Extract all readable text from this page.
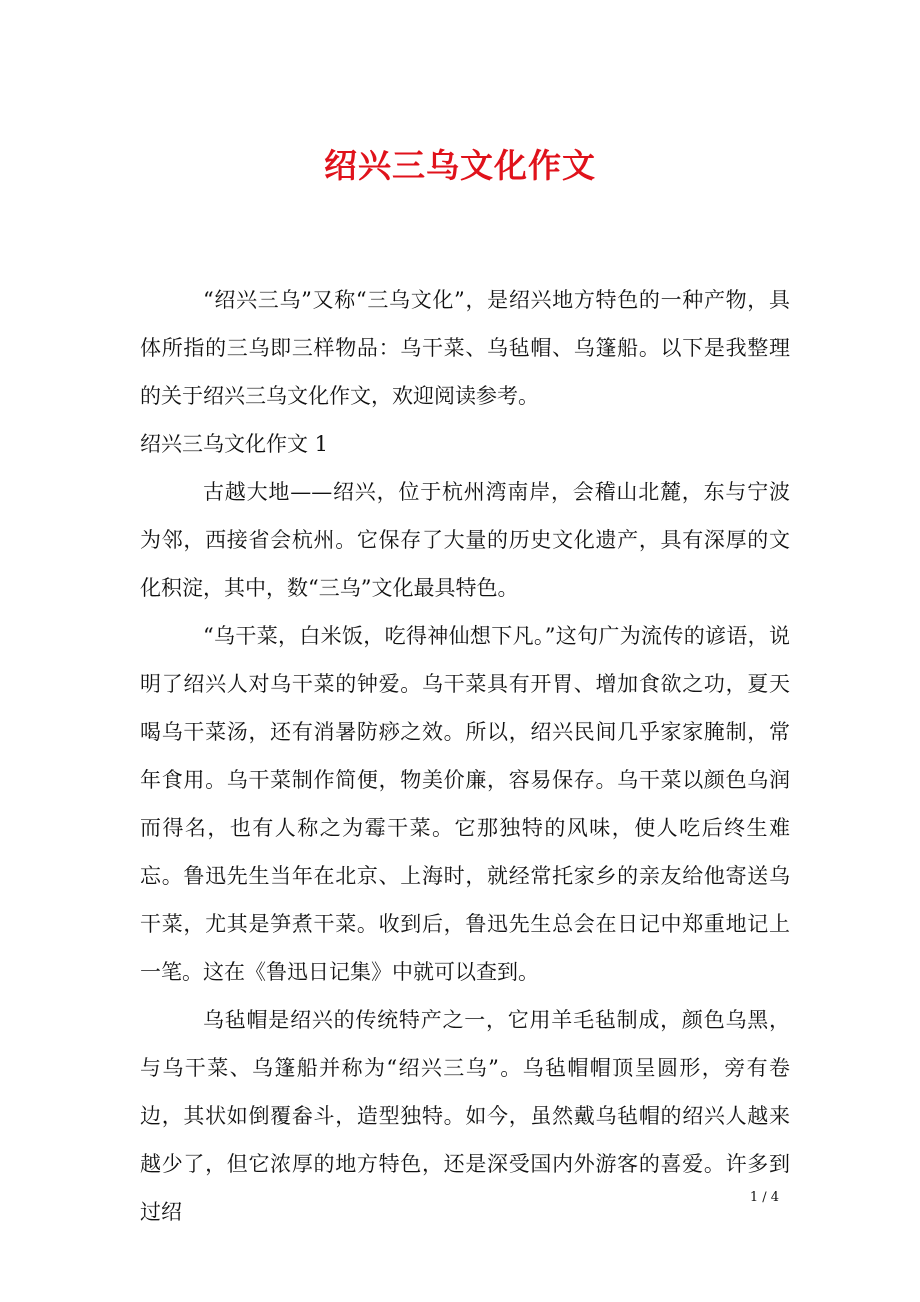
绍兴三乌文化作文

“绍兴三乌”又称“三乌文化”，是绍兴地方特色的一种产物，具体所指的三乌即三样物品：乌干菜、乌毡帽、乌篷船。以下是我整理的关于绍兴三乌文化作文，欢迎阅读参考。

绍兴三乌文化作文 1

古越大地——绍兴，位于杭州湾南岸，会稽山北麓，东与宁波为邻，西接省会杭州。它保存了大量的历史文化遗产，具有深厚的文化积淀，其中，数“三乌”文化最具特色。

“乌干菜，白米饭，吃得神仙想下凡。”这句广为流传的谚语，说明了绍兴人对乌干菜的钟爱。乌干菜具有开胃、增加食欲之功，夏天喝乌干菜汤，还有消暑防痧之效。所以，绍兴民间几乎家家腌制，常年食用。乌干菜制作简便，物美价廉，容易保存。乌干菜以颜色乌润而得名，也有人称之为霉干菜。它那独特的风味，使人吃后终生难忘。鲁迅先生当年在北京、上海时，就经常托家乡的亲友给他寄送乌干菜，尤其是笋煮干菜。收到后，鲁迅先生总会在日记中郑重地记上一笔。这在《鲁迅日记集》中就可以查到。

乌毡帽是绍兴的传统特产之一，它用羊毛毡制成，颜色乌黑，与乌干菜、乌篷船并称为“绍兴三乌”。乌毡帽帽顶呈圆形，旁有卷边，其状如倒覆畚斗，造型独特。如今，虽然戴乌毡帽的绍兴人越来越少了，但它浓厚的地方特色，还是深受国内外游客的喜爱。许多到过绍

1 / 4
